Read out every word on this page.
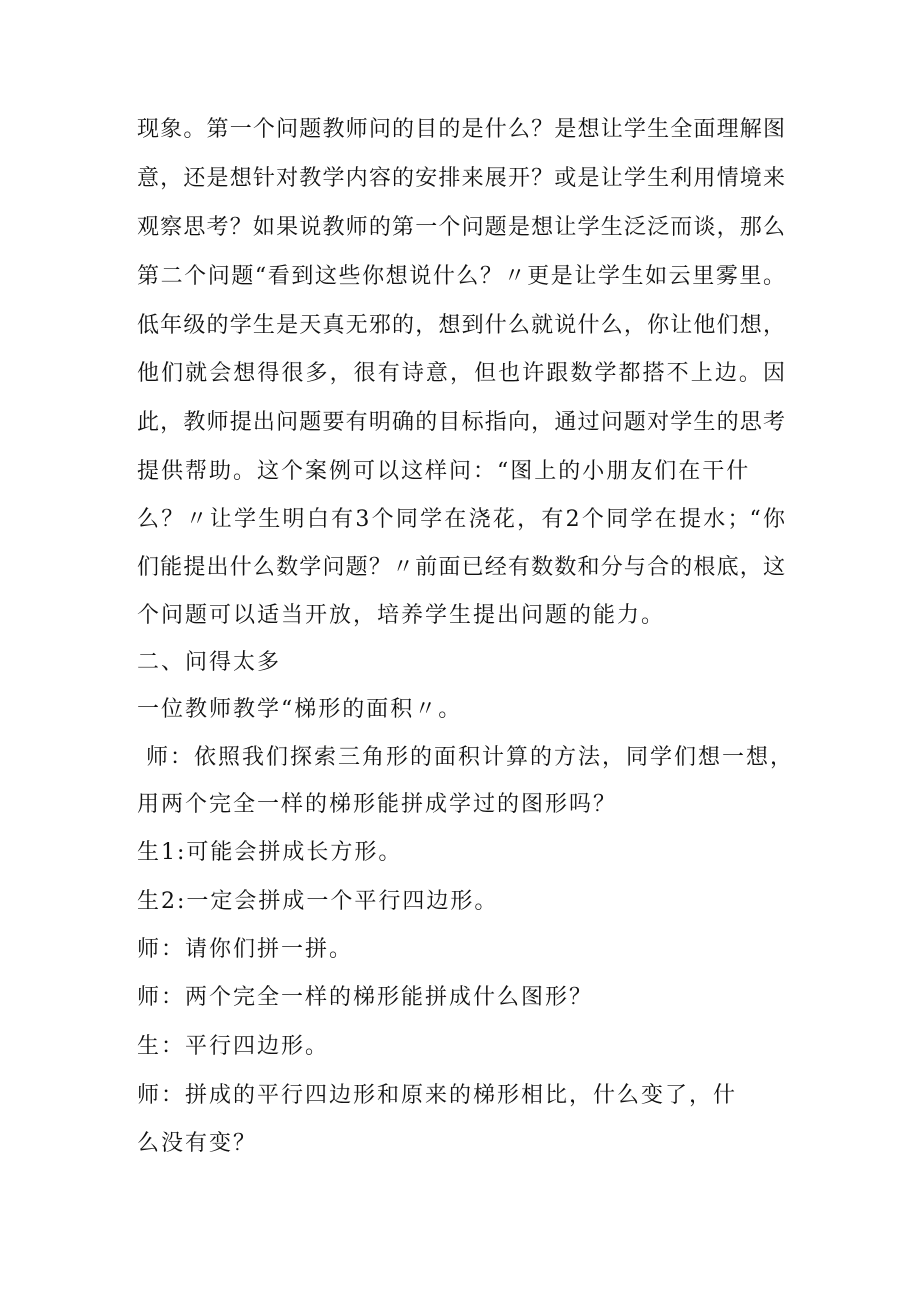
现象。第一个问题教师问的目的是什么？是想让学生全面理解图
意，还是想针对教学内容的安排来展开？或是让学生利用情境来
观察思考？如果说教师的第一个问题是想让学生泛泛而谈，那么
第二个问题“看到这些你想说什么？〃更是让学生如云里雾里。
低年级的学生是天真无邪的，想到什么就说什么，你让他们想，
他们就会想得很多，很有诗意，但也许跟数学都搭不上边。因
此，教师提出问题要有明确的目标指向，通过问题对学生的思考
提供帮助。这个案例可以这样问：“图上的小朋友们在干什
么？〃让学生明白有3个同学在浇花，有2个同学在提水；“你
们能提出什么数学问题？〃前面已经有数数和分与合的根底，这
个问题可以适当开放，培养学生提出问题的能力。
二、问得太多
一位教师教学“梯形的面积〃。
师：依照我们探索三角形的面积计算的方法，同学们想一想，
用两个完全一样的梯形能拼成学过的图形吗？
生1:可能会拼成长方形。
生2:一定会拼成一个平行四边形。
师：请你们拼一拼。
师：两个完全一样的梯形能拼成什么图形？
生：平行四边形。
师：拼成的平行四边形和原来的梯形相比，什么变了，什
么没有变？
